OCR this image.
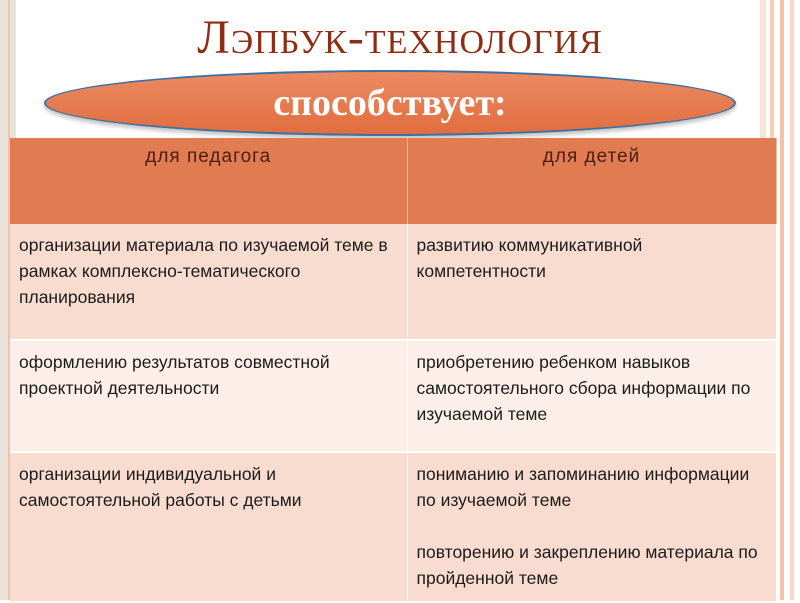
Лэпбук-технология
способствует:
для педагога	для детей
организации материала по изучаемой теме в рамках комплексно-тематического планирования	развитию коммуникативной компетентности

оформлению результатов совместной проектной деятельности	приобретению ребенком навыков самостоятельного сбора информации по изучаемой теме

организации индивидуальной и самостоятельной работы с детьми	пониманию и запоминанию информации по изучаемой теме
повторению и закреплению материала по пройденной теме
